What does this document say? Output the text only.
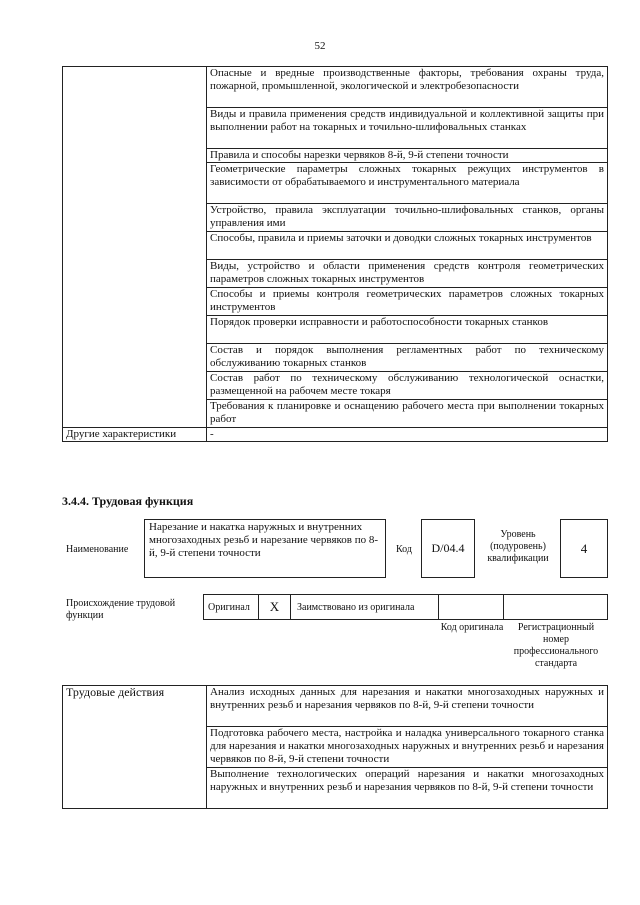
52
	Опасные и вредные производственные факторы, требования охраны труда, пожарной, промышленной, экологической и электробезопасности
	Виды и правила применения средств индивидуальной и коллективной защиты при выполнении работ на токарных и точильно-шлифовальных станках
	Правила и способы нарезки червяков 8-й, 9-й степени точности
	Геометрические параметры сложных токарных режущих инструментов в зависимости от обрабатываемого и инструментального материала
	Устройство, правила эксплуатации точильно-шлифовальных станков, органы управления ими
	Способы, правила и приемы заточки и доводки сложных токарных инструментов
	Виды, устройство и области применения средств контроля геометрических параметров сложных токарных инструментов
	Способы и приемы контроля геометрических параметров сложных токарных инструментов
	Порядок проверки исправности и работоспособности токарных станков
	Состав и порядок выполнения регламентных работ по техническому обслуживанию токарных станков
	Состав работ по техническому обслуживанию технологической оснастки, размещенной на рабочем месте токаря
	Требования к планировке и оснащению рабочего места при выполнении токарных работ
Другие характеристики	-
3.4.4. Трудовая функция
Наименование
Нарезание и накатка наружных и внутренних многозаходных резьб и нарезание червяков по 8-й, 9-й степени точности	Код	D/04.4
Уровень (подуровень) квалификации
4
Происхождение трудовой функции
Оригинал X Заимствовано из оригинала
Код оригинала	Регистрационный номер профессионального стандарта
Трудовые действия	Анализ исходных данных для нарезания и накатки многозаходных наружных и внутренних резьб и нарезания червяков по 8-й, 9-й степени точности
Подготовка рабочего места, настройка и наладка универсального токарного станка для нарезания и накатки многозаходных наружных и внутренних резьб и нарезания червяков по 8-й, 9-й степени точности
Выполнение технологических операций нарезания и накатки многозаходных наружных и внутренних резьб и нарезания червяков по 8-й, 9-й степени точности
